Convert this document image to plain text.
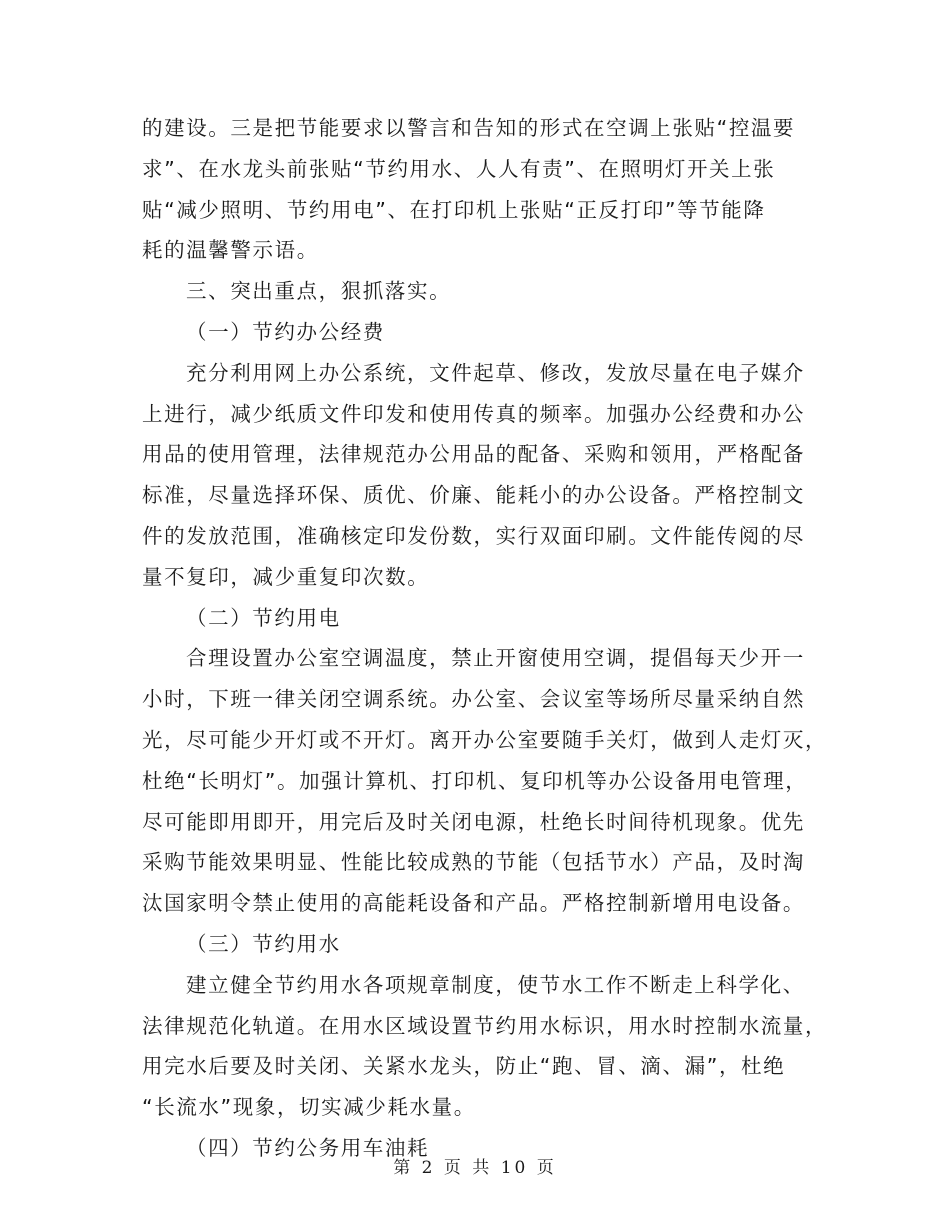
的建设。三是把节能要求以警言和告知的形式在空调上张贴“控温要
求”、在水龙头前张贴“节约用水、人人有责”、在照明灯开关上张
贴“减少照明、节约用电”、在打印机上张贴“正反打印”等节能降
耗的温馨警示语。
三、突出重点，狠抓落实。
（一）节约办公经费
充分利用网上办公系统，文件起草、修改，发放尽量在电子媒介
上进行，减少纸质文件印发和使用传真的频率。加强办公经费和办公
用品的使用管理，法律规范办公用品的配备、采购和领用，严格配备
标准，尽量选择环保、质优、价廉、能耗小的办公设备。严格控制文
件的发放范围，准确核定印发份数，实行双面印刷。文件能传阅的尽
量不复印，减少重复印次数。
（二）节约用电
合理设置办公室空调温度，禁止开窗使用空调，提倡每天少开一
小时，下班一律关闭空调系统。办公室、会议室等场所尽量采纳自然
光，尽可能少开灯或不开灯。离开办公室要随手关灯，做到人走灯灭，
杜绝“长明灯”。加强计算机、打印机、复印机等办公设备用电管理，
尽可能即用即开，用完后及时关闭电源，杜绝长时间待机现象。优先
采购节能效果明显、性能比较成熟的节能（包括节水）产品，及时淘
汰国家明令禁止使用的高能耗设备和产品。严格控制新增用电设备。
（三）节约用水
建立健全节约用水各项规章制度，使节水工作不断走上科学化、
法律规范化轨道。在用水区域设置节约用水标识，用水时控制水流量，
用完水后要及时关闭、关紧水龙头，防止“跑、冒、滴、漏”，杜绝
“长流水”现象，切实减少耗水量。
（四）节约公务用车油耗
第 2 页 共 10 页
